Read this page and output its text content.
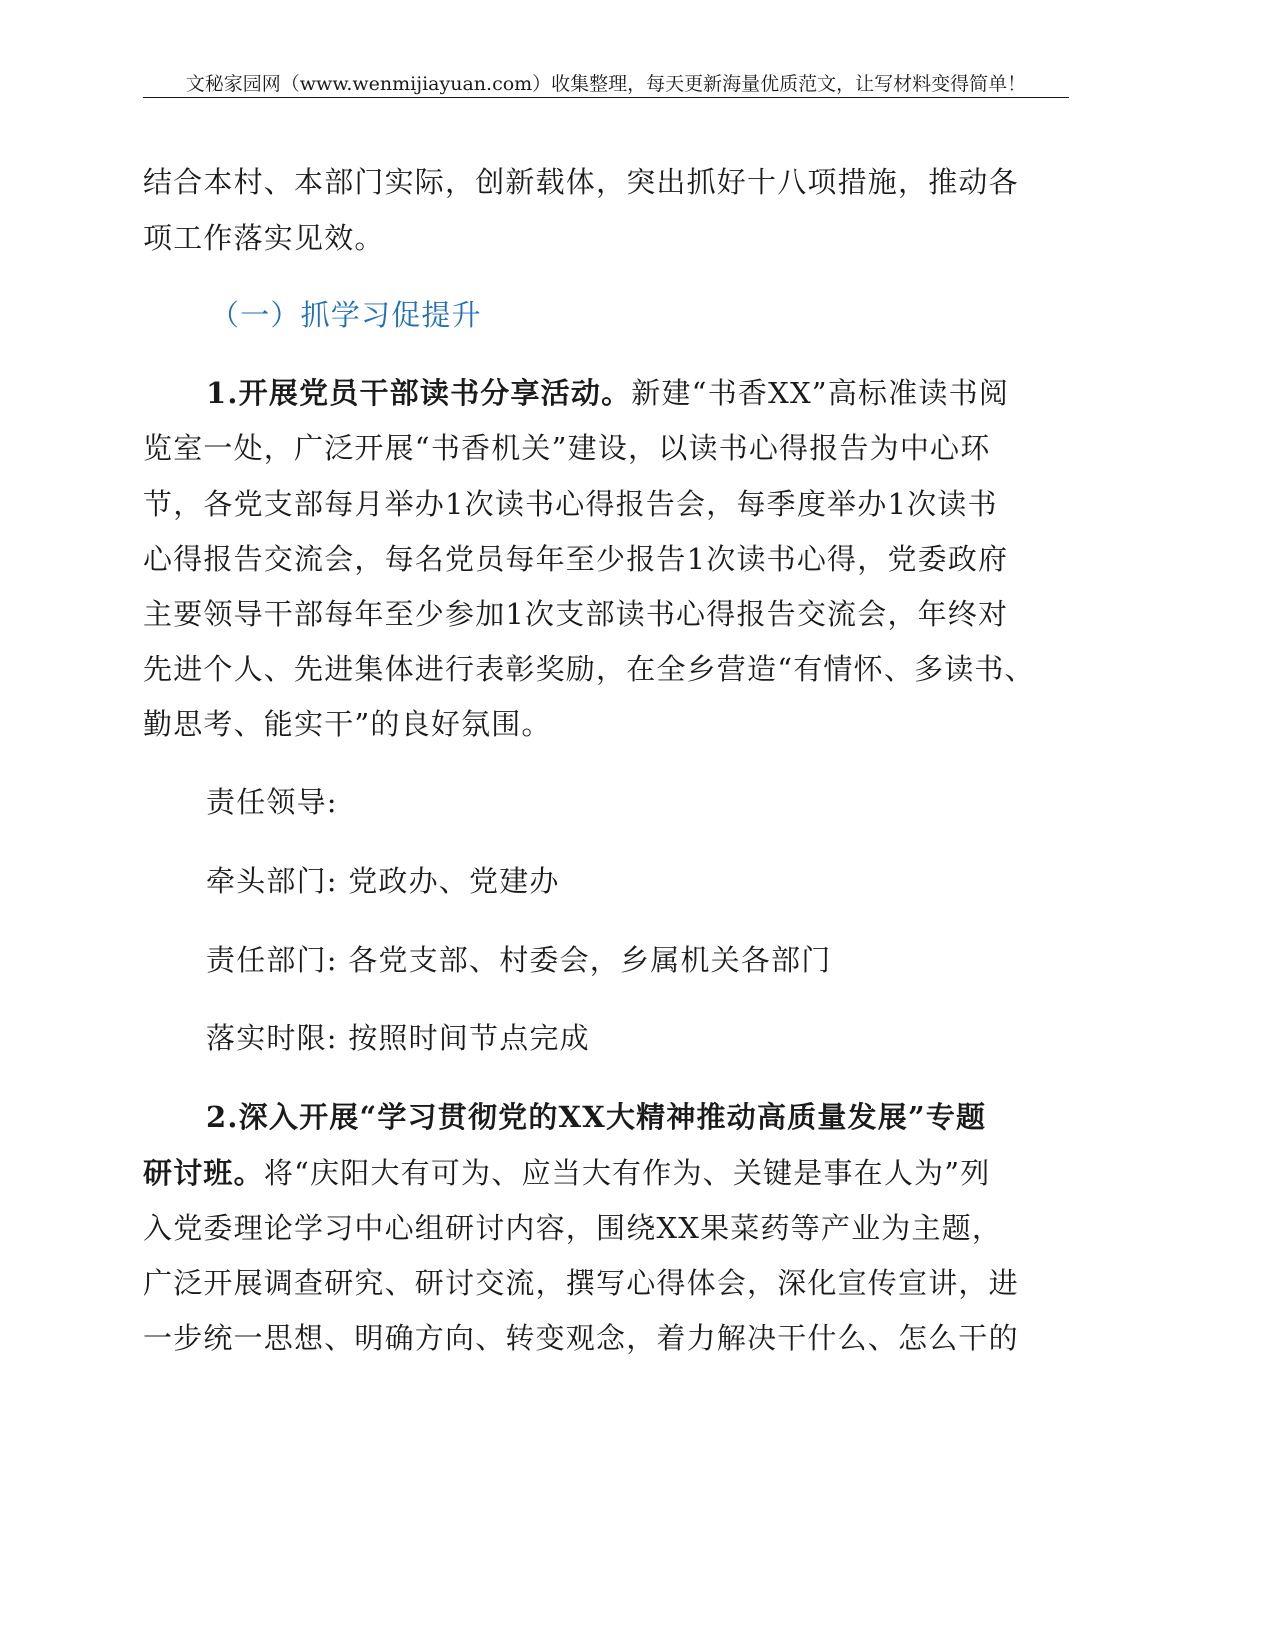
文秘家园网（www.wenmijiayuan.com）收集整理，每天更新海量优质范文，让写材料变得简单！
结合本村、本部门实际，创新载体，突出抓好十八项措施，推动各
项工作落实见效。
（一）抓学习促提升
1.开展党员干部读书分享活动。新建“书香XX”高标准读书阅
览室一处，广泛开展“书香机关”建设，以读书心得报告为中心环
节，各党支部每月举办1次读书心得报告会，每季度举办1次读书
心得报告交流会，每名党员每年至少报告1次读书心得，党委政府
主要领导干部每年至少参加1次支部读书心得报告交流会，年终对
先进个人、先进集体进行表彰奖励，在全乡营造“有情怀、多读书、
勤思考、能实干”的良好氛围。
责任领导:
牵头部门: 党政办、党建办
责任部门: 各党支部、村委会，乡属机关各部门
落实时限: 按照时间节点完成
2.深入开展“学习贯彻党的XX大精神推动高质量发展”专题
研讨班。将“庆阳大有可为、应当大有作为、关键是事在人为”列
入党委理论学习中心组研讨内容，围绕XX果菜药等产业为主题，
广泛开展调查研究、研讨交流，撰写心得体会，深化宣传宣讲，进
一步统一思想、明确方向、转变观念，着力解决干什么、怎么干的
